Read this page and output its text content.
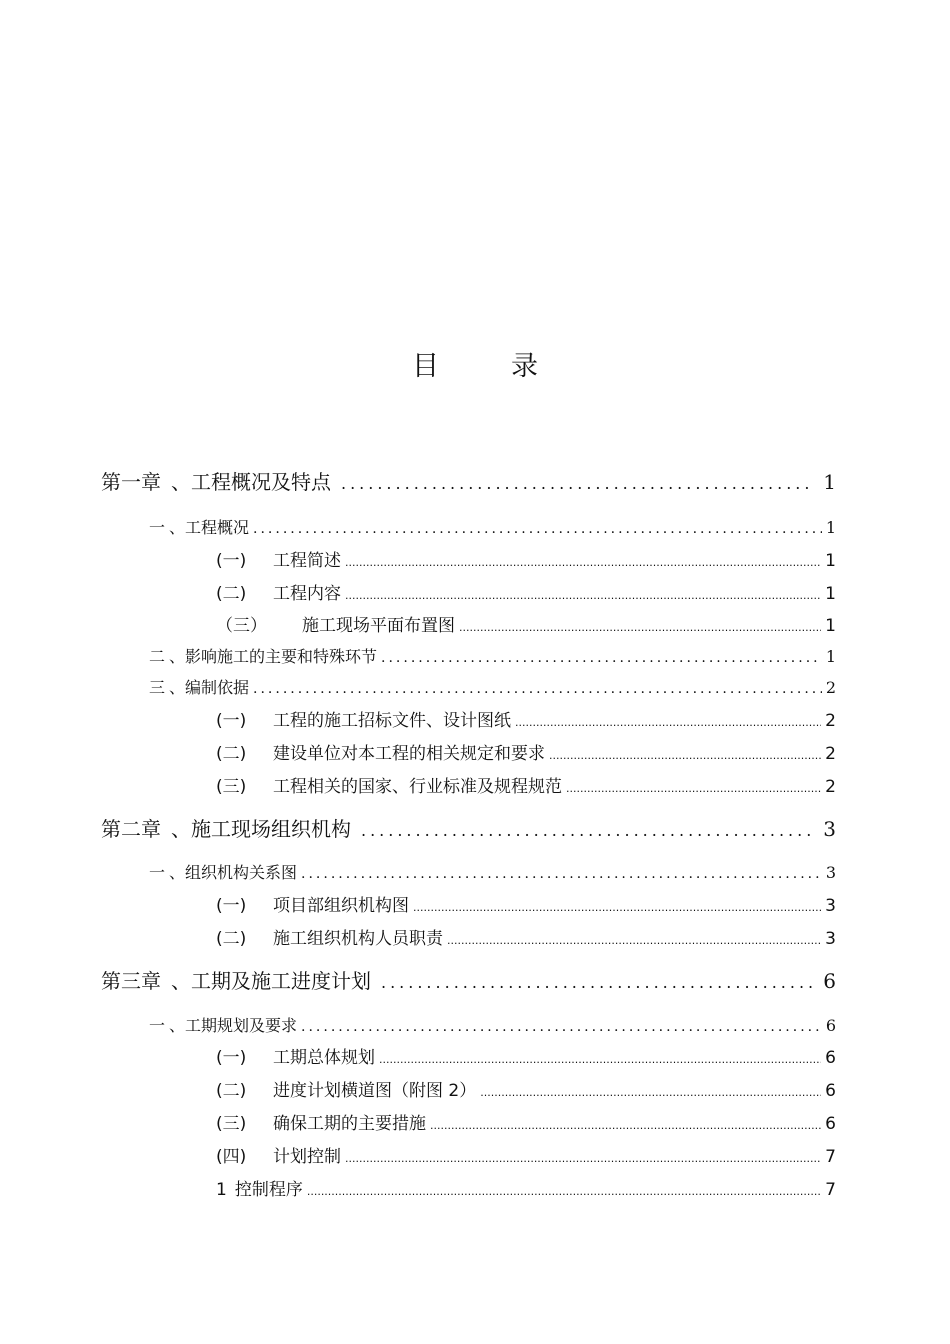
目	录
第一章 、工程概况及特点 .....	1
一 、工程概况 .....	1
(一)	工程简述 .....	1
(二)	工程内容 .....	1
（三）	施工现场平面布置图 .....	1
二 、影响施工的主要和特殊环节 .....	1
三 、编制依据 .....	2
(一)	工程的施工招标文件、设计图纸 .....	2
(二)	建设单位对本工程的相关规定和要求 .....	2
(三)	工程相关的国家、行业标准及规程规范 .....	2
第二章 、施工现场组织机构 .....	3
一 、组织机构关系图 .....	3
(一)	项目部组织机构图 .....	3
(二)	施工组织机构人员职责 .....	3
第三章 、工期及施工进度计划 .....	6
一 、工期规划及要求 .....	6
(一)	工期总体规划 .....	6
(二)	进度计划横道图（附图 2） .....	6
(三)	确保工期的主要措施 .....	6
(四)	计划控制 .....	7
1 控制程序 .....	7
